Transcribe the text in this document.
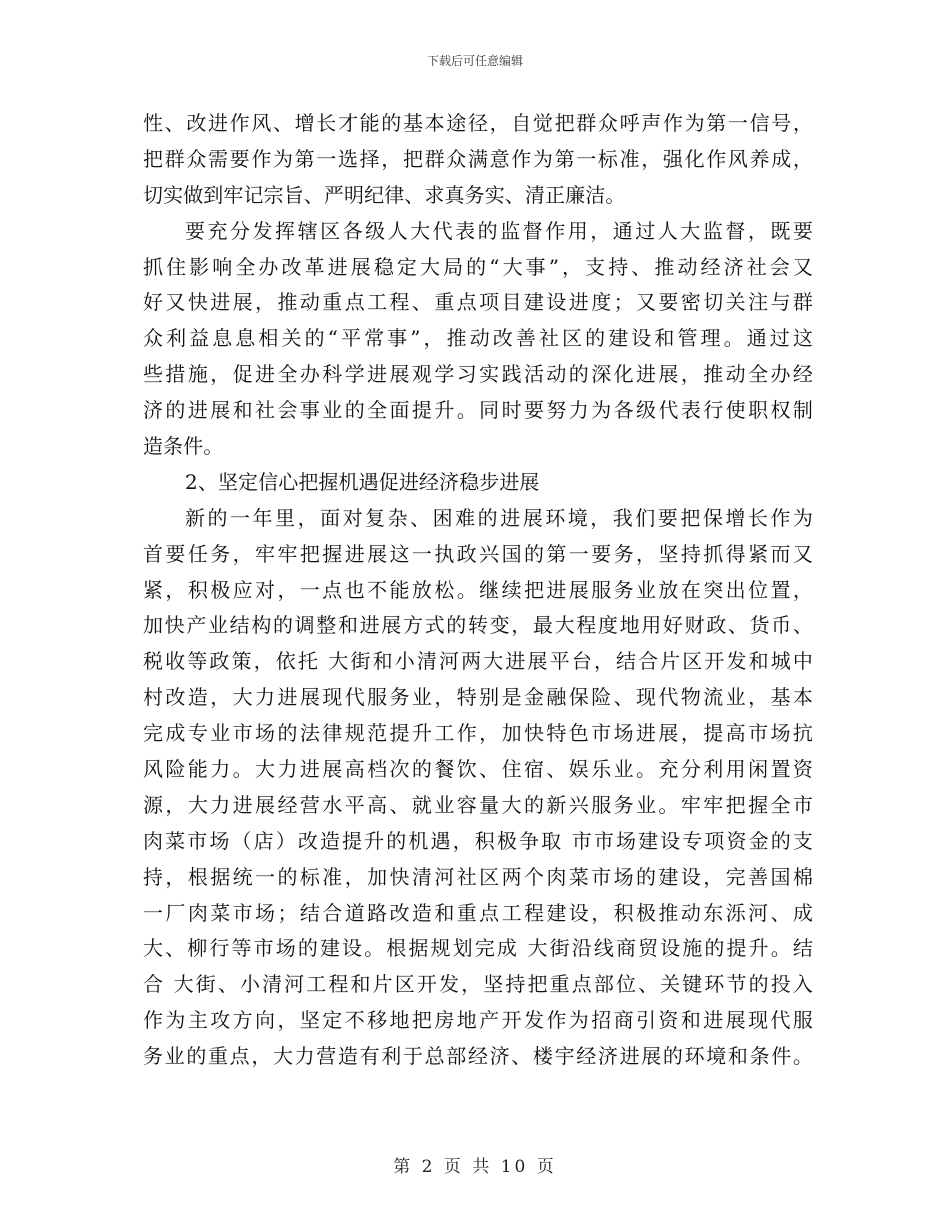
下载后可任意编辑
性、改进作风、增长才能的基本途径，自觉把群众呼声作为第一信号，
把群众需要作为第一选择，把群众满意作为第一标准，强化作风养成，
切实做到牢记宗旨、严明纪律、求真务实、清正廉洁。
要充分发挥辖区各级人大代表的监督作用，通过人大监督，既要
抓住影响全办改革进展稳定大局的“大事”，支持、推动经济社会又
好又快进展，推动重点工程、重点项目建设进度；又要密切关注与群
众利益息息相关的“平常事”，推动改善社区的建设和管理。通过这
些措施，促进全办科学进展观学习实践活动的深化进展，推动全办经
济的进展和社会事业的全面提升。同时要努力为各级代表行使职权制
造条件。
2、坚定信心把握机遇促进经济稳步进展
新的一年里，面对复杂、困难的进展环境，我们要把保增长作为
首要任务，牢牢把握进展这一执政兴国的第一要务，坚持抓得紧而又
紧，积极应对，一点也不能放松。继续把进展服务业放在突出位置，
加快产业结构的调整和进展方式的转变，最大程度地用好财政、货币、
税收等政策，依托 大街和小清河两大进展平台，结合片区开发和城中
村改造，大力进展现代服务业，特别是金融保险、现代物流业，基本
完成专业市场的法律规范提升工作，加快特色市场进展，提高市场抗
风险能力。大力进展高档次的餐饮、住宿、娱乐业。充分利用闲置资
源，大力进展经营水平高、就业容量大的新兴服务业。牢牢把握全市
肉菜市场（店）改造提升的机遇，积极争取 市市场建设专项资金的支
持，根据统一的标准，加快清河社区两个肉菜市场的建设，完善国棉
一厂肉菜市场；结合道路改造和重点工程建设，积极推动东泺河、成
大、柳行等市场的建设。根据规划完成 大街沿线商贸设施的提升。结
合 大街、小清河工程和片区开发，坚持把重点部位、关键环节的投入
作为主攻方向，坚定不移地把房地产开发作为招商引资和进展现代服
务业的重点，大力营造有利于总部经济、楼宇经济进展的环境和条件。
第 2 页 共 10 页
